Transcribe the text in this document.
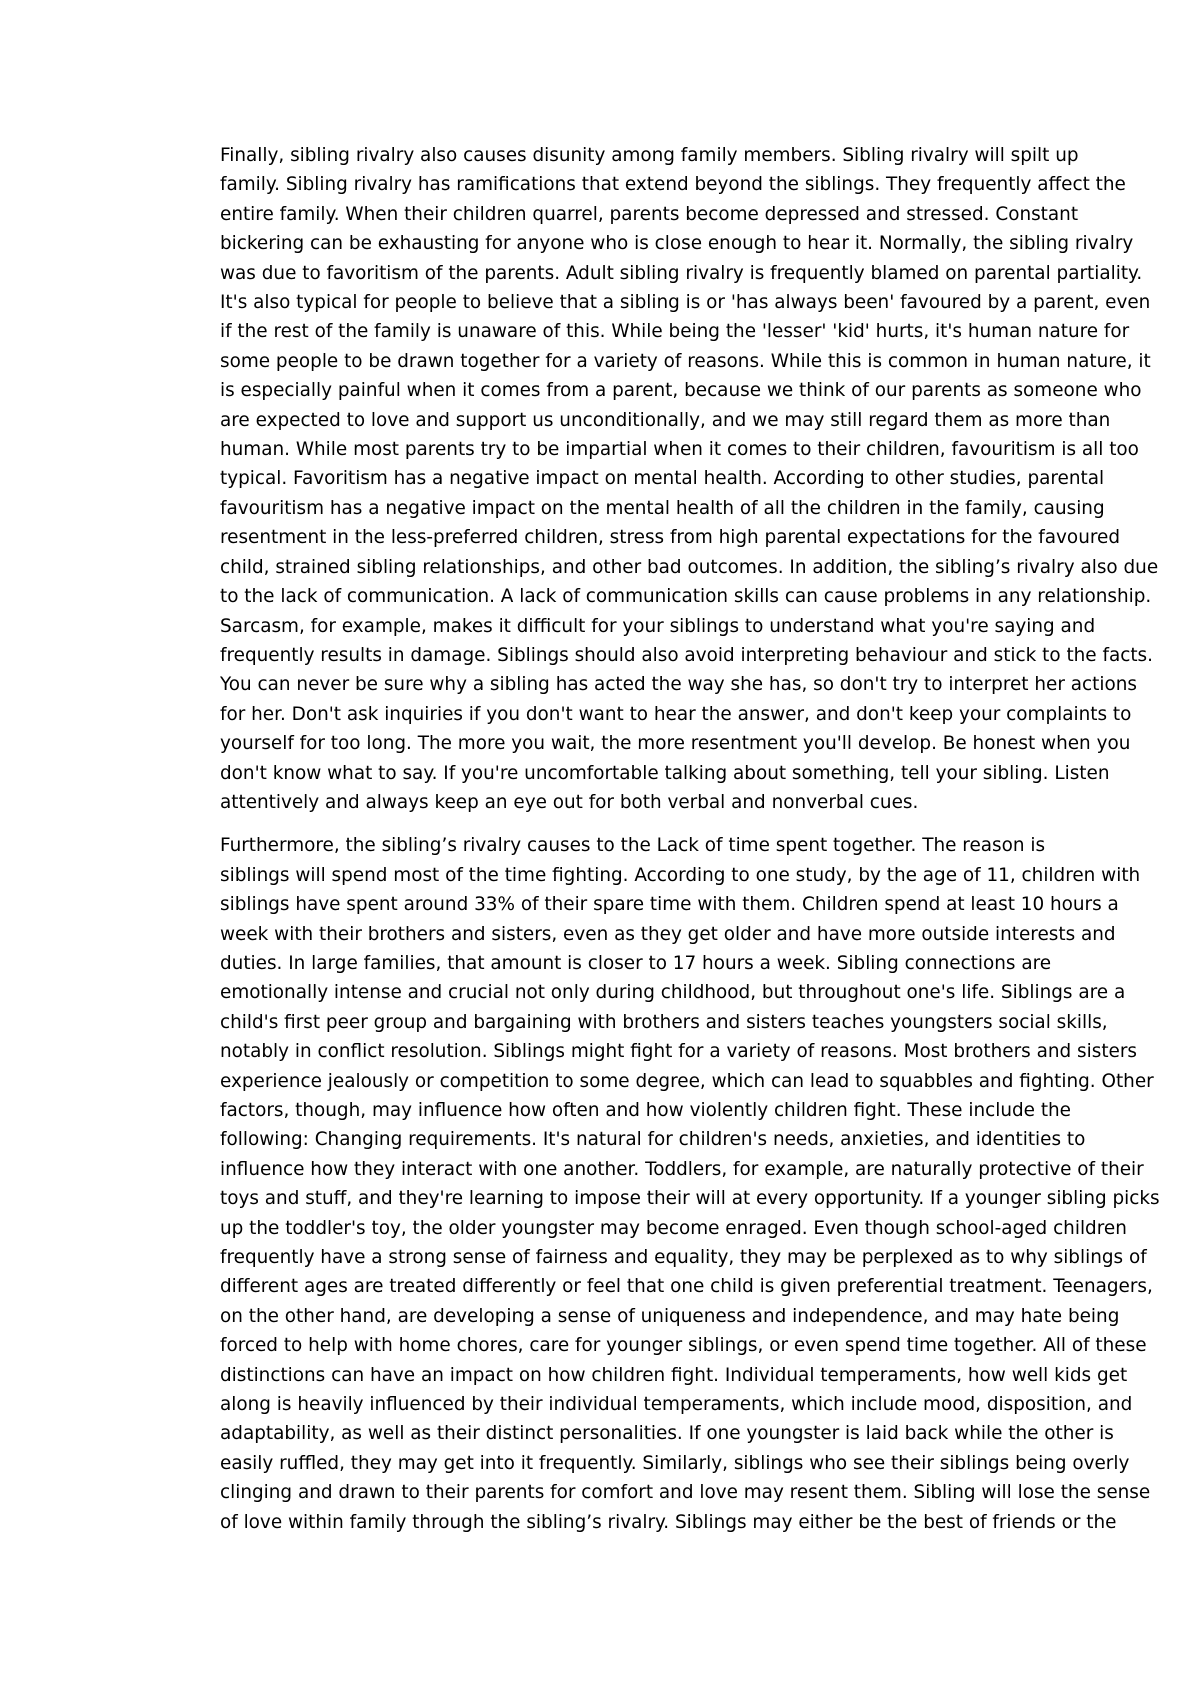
Finally, sibling rivalry also causes disunity among family members. Sibling rivalry will spilt up
family. Sibling rivalry has ramifications that extend beyond the siblings. They frequently affect the
entire family. When their children quarrel, parents become depressed and stressed. Constant
bickering can be exhausting for anyone who is close enough to hear it. Normally, the sibling rivalry
was due to favoritism of the parents. Adult sibling rivalry is frequently blamed on parental partiality.
It's also typical for people to believe that a sibling is or 'has always been' favoured by a parent, even
if the rest of the family is unaware of this. While being the 'lesser' 'kid' hurts, it's human nature for
some people to be drawn together for a variety of reasons. While this is common in human nature, it
is especially painful when it comes from a parent, because we think of our parents as someone who
are expected to love and support us unconditionally, and we may still regard them as more than
human. While most parents try to be impartial when it comes to their children, favouritism is all too
typical. Favoritism has a negative impact on mental health. According to other studies, parental
favouritism has a negative impact on the mental health of all the children in the family, causing
resentment in the less-preferred children, stress from high parental expectations for the favoured
child, strained sibling relationships, and other bad outcomes. In addition, the sibling’s rivalry also due
to the lack of communication. A lack of communication skills can cause problems in any relationship.
Sarcasm, for example, makes it difficult for your siblings to understand what you're saying and
frequently results in damage. Siblings should also avoid interpreting behaviour and stick to the facts.
You can never be sure why a sibling has acted the way she has, so don't try to interpret her actions
for her. Don't ask inquiries if you don't want to hear the answer, and don't keep your complaints to
yourself for too long. The more you wait, the more resentment you'll develop. Be honest when you
don't know what to say. If you're uncomfortable talking about something, tell your sibling. Listen
attentively and always keep an eye out for both verbal and nonverbal cues.

Furthermore, the sibling’s rivalry causes to the Lack of time spent together. The reason is
siblings will spend most of the time fighting. According to one study, by the age of 11, children with
siblings have spent around 33% of their spare time with them. Children spend at least 10 hours a
week with their brothers and sisters, even as they get older and have more outside interests and
duties. In large families, that amount is closer to 17 hours a week. Sibling connections are
emotionally intense and crucial not only during childhood, but throughout one's life. Siblings are a
child's first peer group and bargaining with brothers and sisters teaches youngsters social skills,
notably in conflict resolution. Siblings might fight for a variety of reasons. Most brothers and sisters
experience jealously or competition to some degree, which can lead to squabbles and fighting. Other
factors, though, may influence how often and how violently children fight. These include the
following: Changing requirements. It's natural for children's needs, anxieties, and identities to
influence how they interact with one another. Toddlers, for example, are naturally protective of their
toys and stuff, and they're learning to impose their will at every opportunity. If a younger sibling picks
up the toddler's toy, the older youngster may become enraged. Even though school-aged children
frequently have a strong sense of fairness and equality, they may be perplexed as to why siblings of
different ages are treated differently or feel that one child is given preferential treatment. Teenagers,
on the other hand, are developing a sense of uniqueness and independence, and may hate being
forced to help with home chores, care for younger siblings, or even spend time together. All of these
distinctions can have an impact on how children fight. Individual temperaments, how well kids get
along is heavily influenced by their individual temperaments, which include mood, disposition, and
adaptability, as well as their distinct personalities. If one youngster is laid back while the other is
easily ruffled, they may get into it frequently. Similarly, siblings who see their siblings being overly
clinging and drawn to their parents for comfort and love may resent them. Sibling will lose the sense
of love within family through the sibling’s rivalry. Siblings may either be the best of friends or the
